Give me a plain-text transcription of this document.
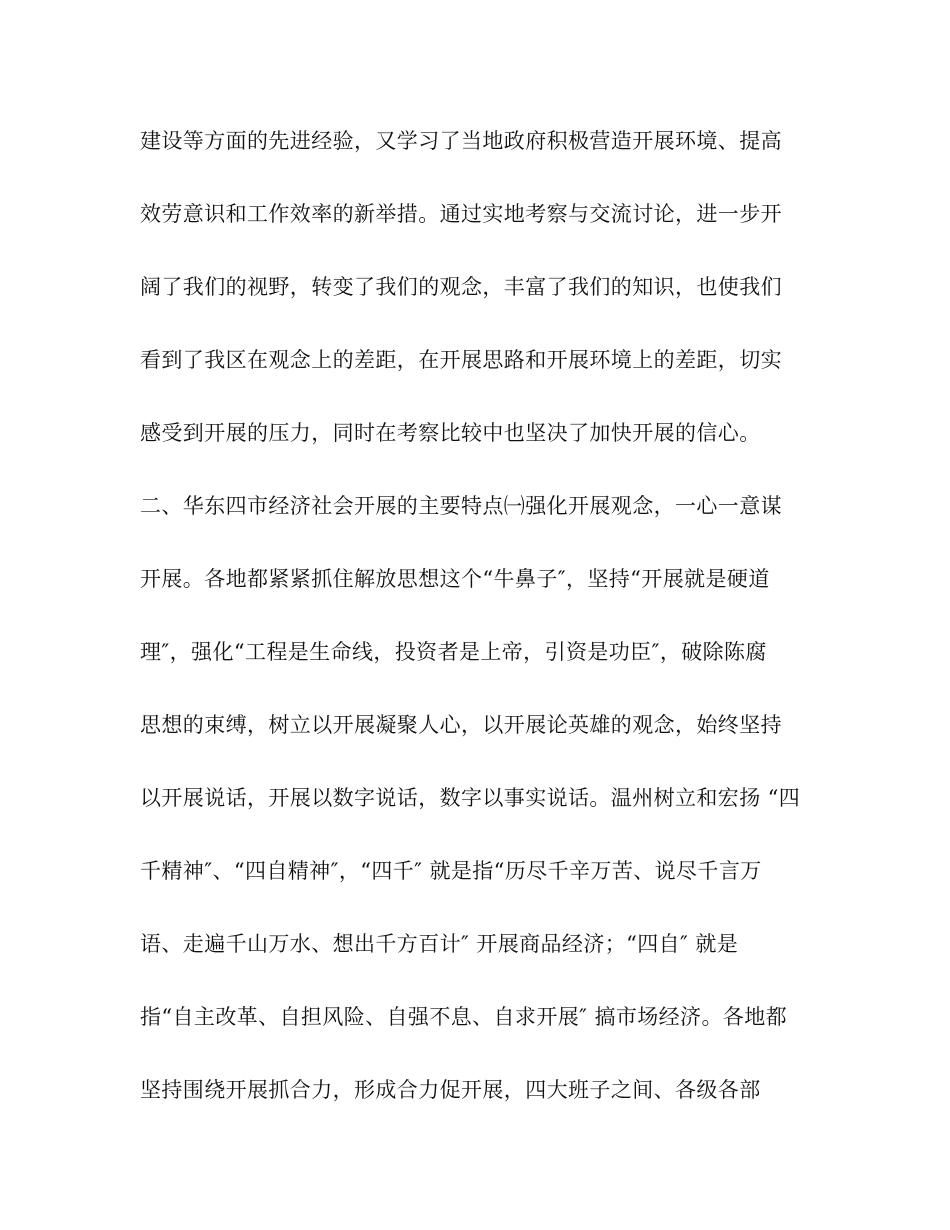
建设等方面的先进经验，又学习了当地政府积极营造开展环境、提高
效劳意识和工作效率的新举措。通过实地考察与交流讨论，进一步开
阔了我们的视野，转变了我们的观念，丰富了我们的知识，也使我们
看到了我区在观念上的差距，在开展思路和开展环境上的差距，切实
感受到开展的压力，同时在考察比较中也坚决了加快开展的信心。
二、华东四市经济社会开展的主要特点㈠强化开展观念，一心一意谋
开展。各地都紧紧抓住解放思想这个“牛鼻子″，坚持“开展就是硬道
理″，强化“工程是生命线，投资者是上帝，引资是功臣″，破除陈腐
思想的束缚，树立以开展凝聚人心，以开展论英雄的观念，始终坚持
以开展说话，开展以数字说话，数字以事实说话。温州树立和宏扬 “四
千精神″、“四自精神″，“四千″ 就是指“历尽千辛万苦、说尽千言万
语、走遍千山万水、想出千方百计″ 开展商品经济；“四自″ 就是
指“自主改革、自担风险、自强不息、自求开展″ 搞市场经济。各地都
坚持围绕开展抓合力，形成合力促开展，四大班子之间、各级各部
